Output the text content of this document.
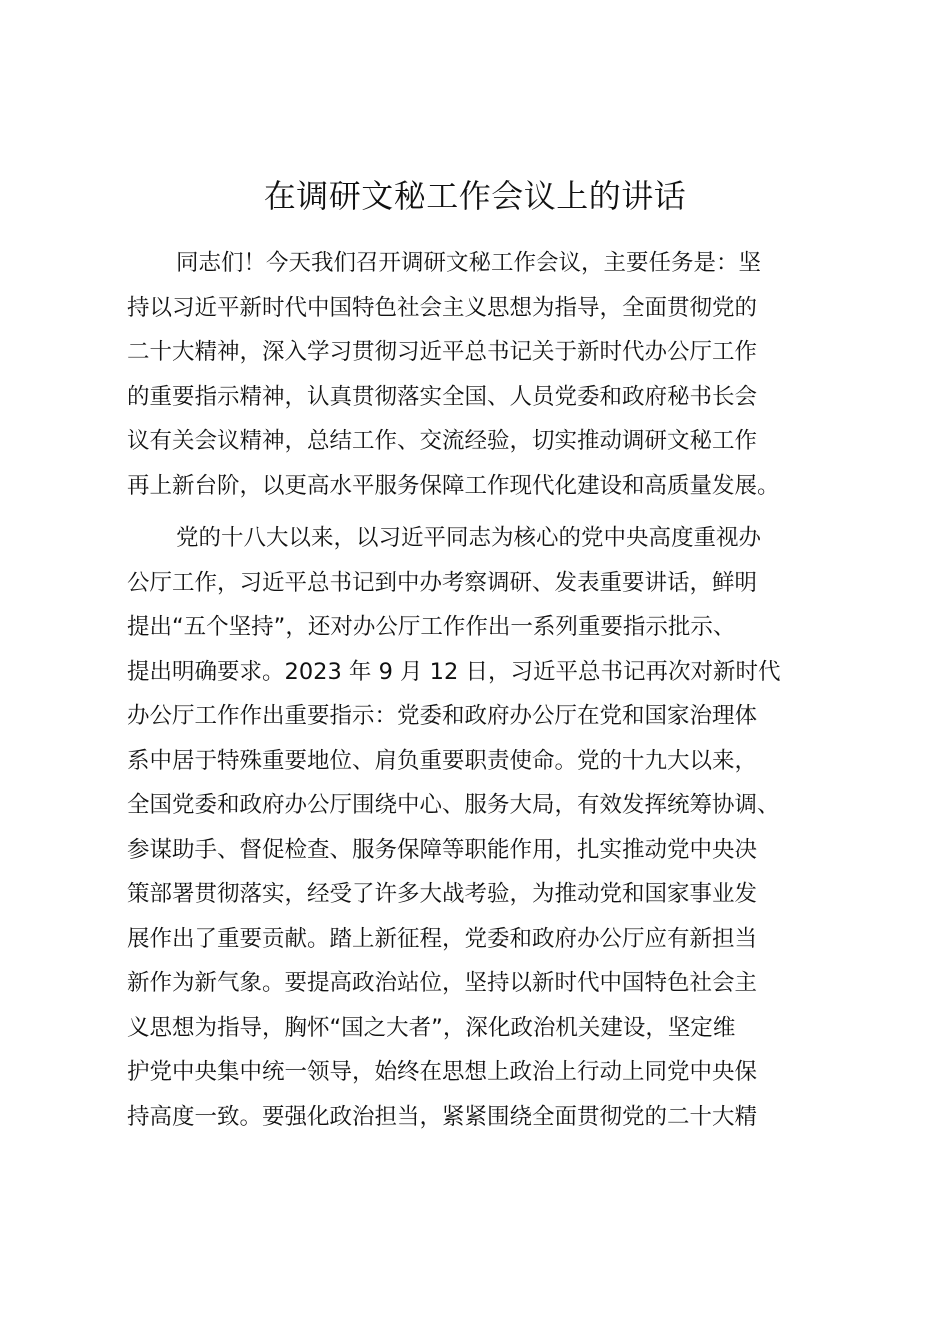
在调研文秘工作会议上的讲话

同志们！今天我们召开调研文秘工作会议，主要任务是：坚
持以习近平新时代中国特色社会主义思想为指导，全面贯彻党的
二十大精神，深入学习贯彻习近平总书记关于新时代办公厅工作
的重要指示精神，认真贯彻落实全国、人员党委和政府秘书长会
议有关会议精神，总结工作、交流经验，切实推动调研文秘工作
再上新台阶，以更高水平服务保障工作现代化建设和高质量发展。

党的十八大以来，以习近平同志为核心的党中央高度重视办
公厅工作，习近平总书记到中办考察调研、发表重要讲话，鲜明
提出“五个坚持”，还对办公厅工作作出一系列重要指示批示、
提出明确要求。2023 年 9 月 12 日，习近平总书记再次对新时代
办公厅工作作出重要指示：党委和政府办公厅在党和国家治理体
系中居于特殊重要地位、肩负重要职责使命。党的十九大以来，
全国党委和政府办公厅围绕中心、服务大局，有效发挥统筹协调、
参谋助手、督促检查、服务保障等职能作用，扎实推动党中央决
策部署贯彻落实，经受了许多大战考验，为推动党和国家事业发
展作出了重要贡献。踏上新征程，党委和政府办公厅应有新担当
新作为新气象。要提高政治站位，坚持以新时代中国特色社会主
义思想为指导，胸怀“国之大者”，深化政治机关建设，坚定维
护党中央集中统一领导，始终在思想上政治上行动上同党中央保
持高度一致。要强化政治担当，紧紧围绕全面贯彻党的二十大精
